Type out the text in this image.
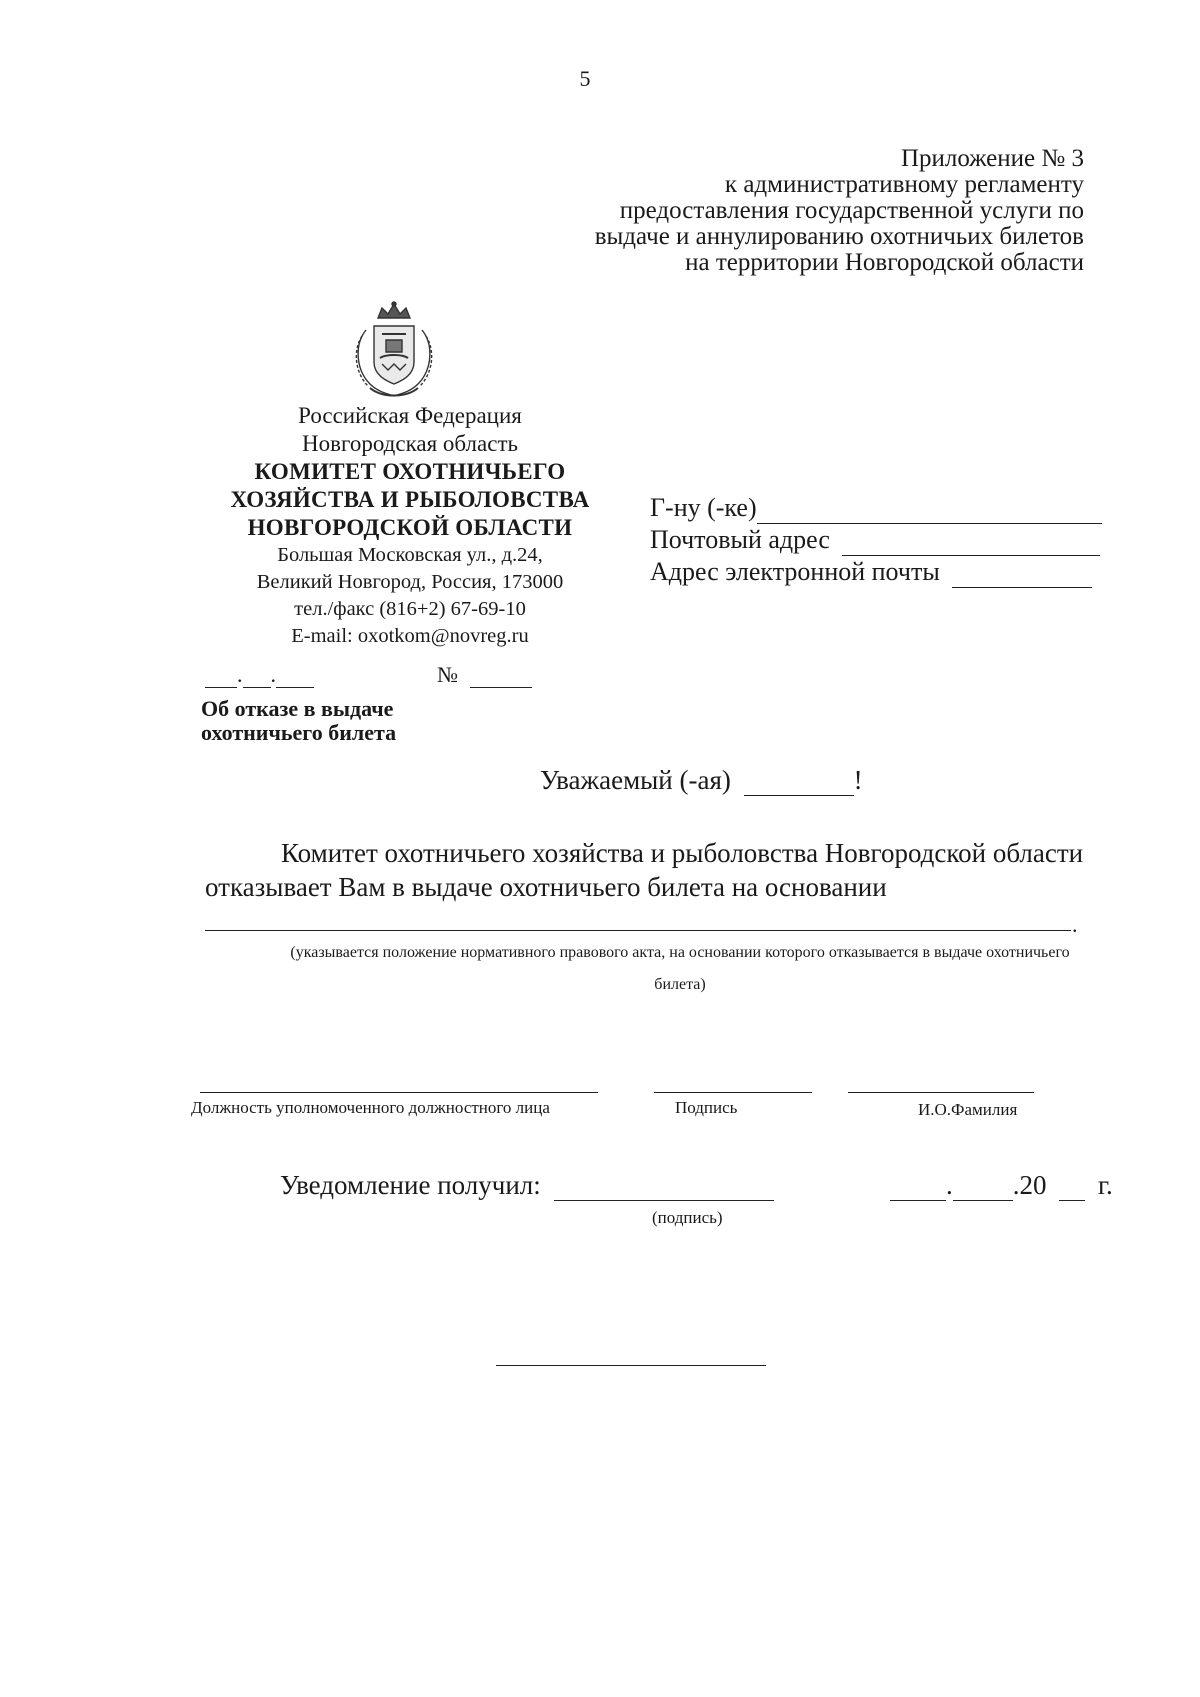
5
Приложение № 3
к административному регламенту
предоставления государственной услуги по
выдаче и аннулированию охотничьих билетов
на территории Новгородской области
Российская Федерация
Новгородская область
КОМИТЕТ ОХОТНИЧЬЕГО
ХОЗЯЙСТВА И РЫБОЛОВСТВА
НОВГОРОДСКОЙ ОБЛАСТИ
Большая Московская ул., д.24,
Великий Новгород, Россия, 173000
тел./факс (816+2) 67-69-10
E-mail: oxotkom@novreg.ru
. .	№
Об отказе в выдаче
охотничьего билета
Г-ну (-ке)
Почтовый адрес
Адрес электронной почты
Уважаемый (-ая)	!
Комитет охотничьего хозяйства и рыболовства Новгородской области
отказывает Вам в выдаче охотничьего билета на основании
.
(указывается положение нормативного правового акта, на основании которого отказывается в выдаче охотничьего
билета)
Должность уполномоченного должностного лица	Подпись	И.О.Фамилия
Уведомление получил:
(подпись)
. .20 г.
